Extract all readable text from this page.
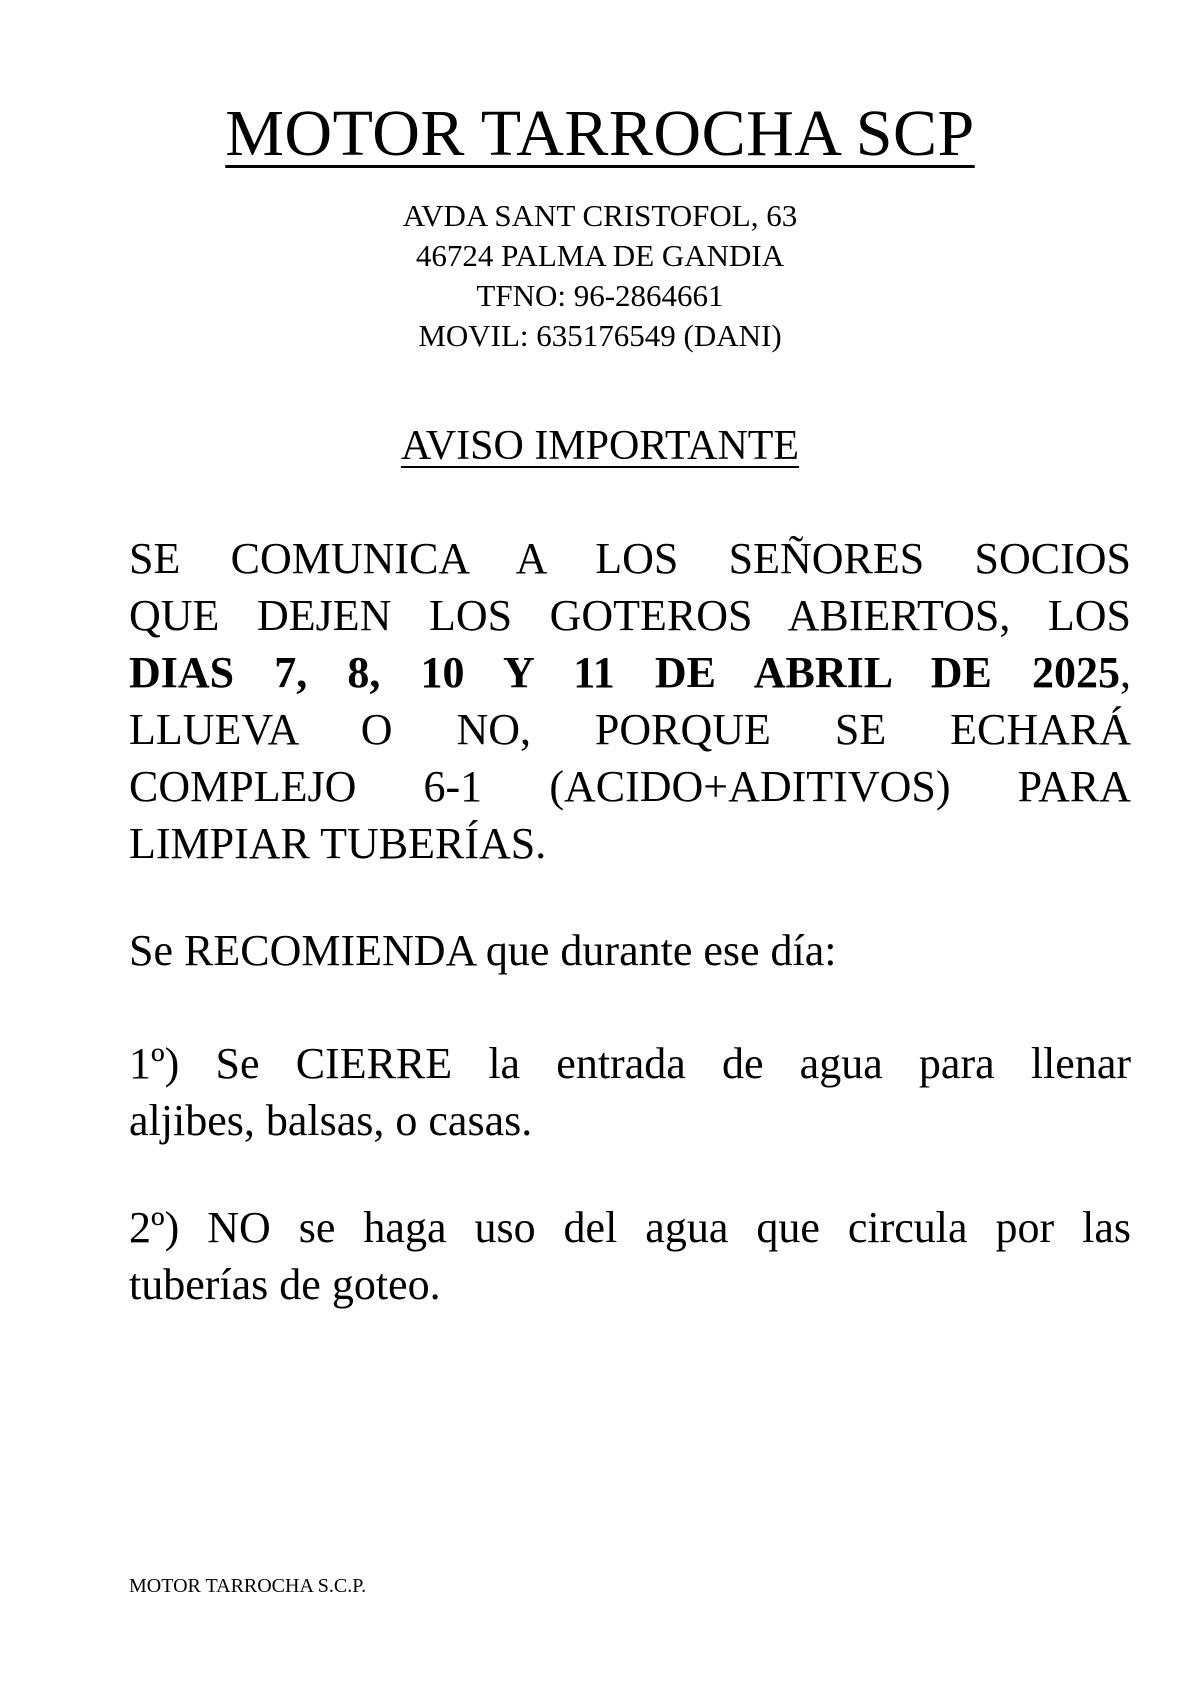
MOTOR TARROCHA SCP
AVDA SANT CRISTOFOL, 63
46724 PALMA DE GANDIA
TFNO: 96-2864661
MOVIL: 635176549 (DANI)
AVISO IMPORTANTE
SE COMUNICA A LOS SEÑORES SOCIOS
QUE DEJEN LOS GOTEROS ABIERTOS, LOS
DIAS 7, 8, 10 Y 11 DE ABRIL DE 2025,
LLUEVA O NO, PORQUE SE ECHARÁ
COMPLEJO 6-1 (ACIDO+ADITIVOS) PARA
LIMPIAR TUBERÍAS.
Se RECOMIENDA que durante ese día:
1º) Se CIERRE la entrada de agua para llenar
aljibes, balsas, o casas.
2º) NO se haga uso del agua que circula por las
tuberías de goteo.
MOTOR TARROCHA S.C.P.
